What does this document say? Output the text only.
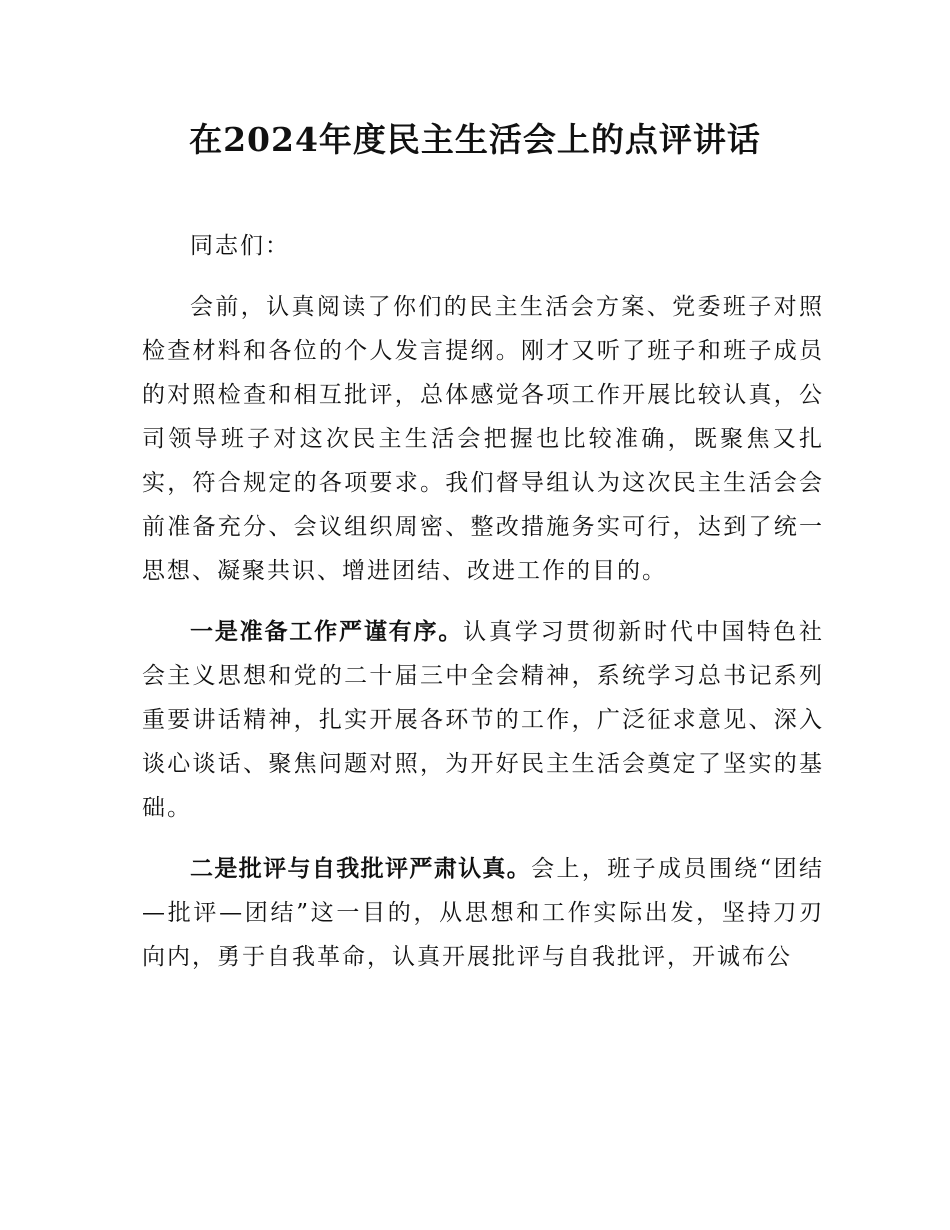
在2024年度民主生活会上的点评讲话

同志们：

会前，认真阅读了你们的民主生活会方案、党委班子对照检查材料和各位的个人发言提纲。刚才又听了班子和班子成员的对照检查和相互批评，总体感觉各项工作开展比较认真，公司领导班子对这次民主生活会把握也比较准确，既聚焦又扎实，符合规定的各项要求。我们督导组认为这次民主生活会会前准备充分、会议组织周密、整改措施务实可行，达到了统一思想、凝聚共识、增进团结、改进工作的目的。

一是准备工作严谨有序。认真学习贯彻新时代中国特色社会主义思想和党的二十届三中全会精神，系统学习总书记系列重要讲话精神，扎实开展各环节的工作，广泛征求意见、深入谈心谈话、聚焦问题对照，为开好民主生活会奠定了坚实的基础。

二是批评与自我批评严肃认真。会上，班子成员围绕“团结—批评—团结”这一目的，从思想和工作实际出发，坚持刀刃向内，勇于自我革命，认真开展批评与自我批评，开诚布公
